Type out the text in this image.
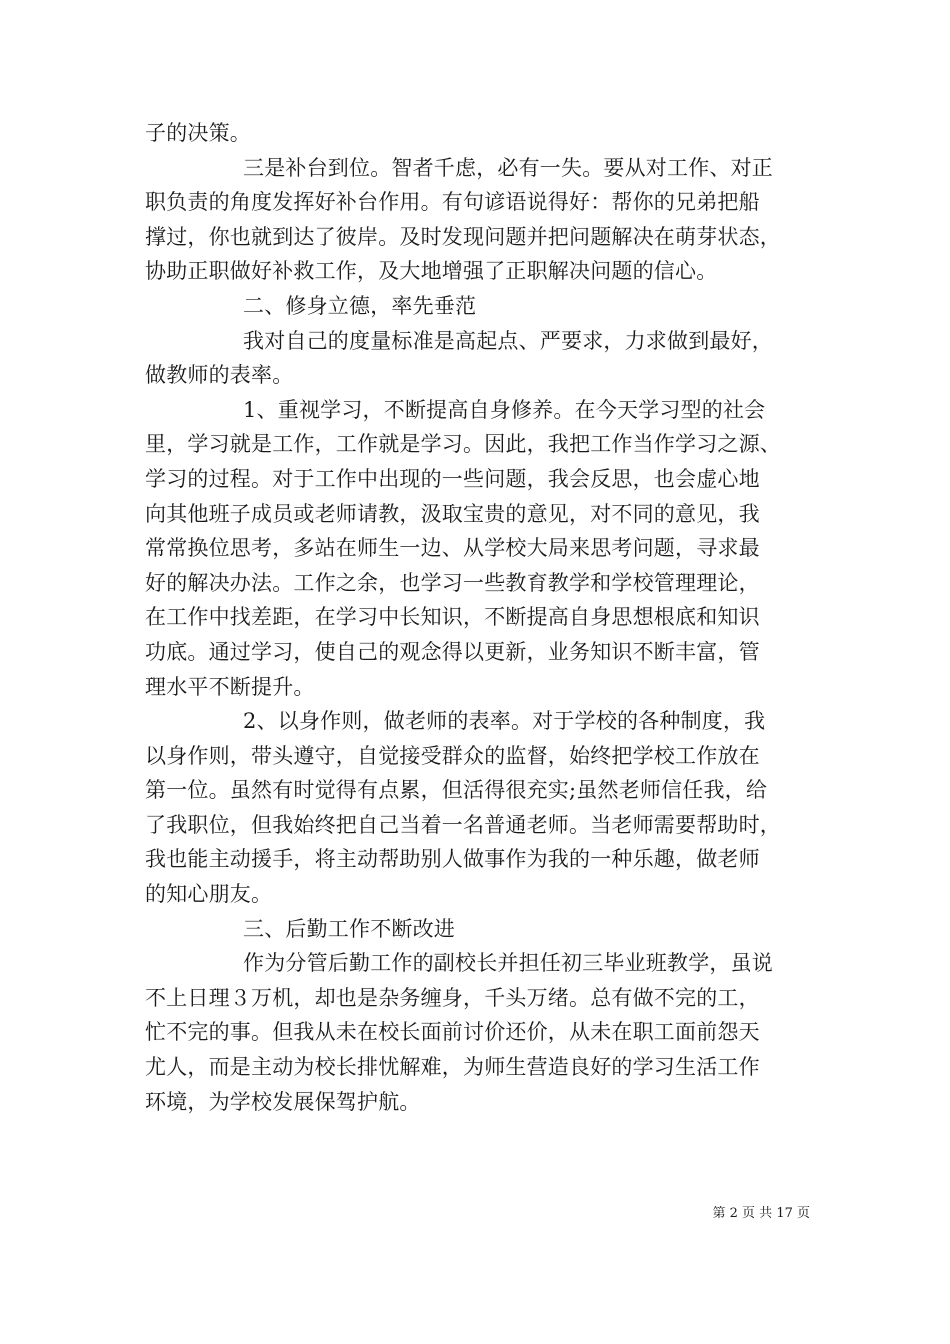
子的决策。
三是补台到位。智者千虑，必有一失。要从对工作、对正
职负责的角度发挥好补台作用。有句谚语说得好：帮你的兄弟把船
撑过，你也就到达了彼岸。及时发现问题并把问题解决在萌芽状态，
协助正职做好补救工作，及大地增强了正职解决问题的信心。
二、修身立德，率先垂范
我对自己的度量标准是高起点、严要求，力求做到最好，
做教师的表率。
1、重视学习，不断提高自身修养。在今天学习型的社会
里，学习就是工作，工作就是学习。因此，我把工作当作学习之源、
学习的过程。对于工作中出现的一些问题，我会反思，也会虚心地
向其他班子成员或老师请教，汲取宝贵的意见，对不同的意见，我
常常换位思考，多站在师生一边、从学校大局来思考问题，寻求最
好的解决办法。工作之余，也学习一些教育教学和学校管理理论，
在工作中找差距，在学习中长知识，不断提高自身思想根底和知识
功底。通过学习，使自己的观念得以更新，业务知识不断丰富，管
理水平不断提升。
2、以身作则，做老师的表率。对于学校的各种制度，我
以身作则，带头遵守，自觉接受群众的监督，始终把学校工作放在
第一位。虽然有时觉得有点累，但活得很充实;虽然老师信任我，给
了我职位，但我始终把自己当着一名普通老师。当老师需要帮助时，
我也能主动援手，将主动帮助别人做事作为我的一种乐趣，做老师
的知心朋友。
三、后勤工作不断改进
作为分管后勤工作的副校长并担任初三毕业班教学，虽说
不上日理３万机，却也是杂务缠身，千头万绪。总有做不完的工，
忙不完的事。但我从未在校长面前讨价还价，从未在职工面前怨天
尤人，而是主动为校长排忧解难，为师生营造良好的学习生活工作
环境，为学校发展保驾护航。
第 2 页 共 17 页
